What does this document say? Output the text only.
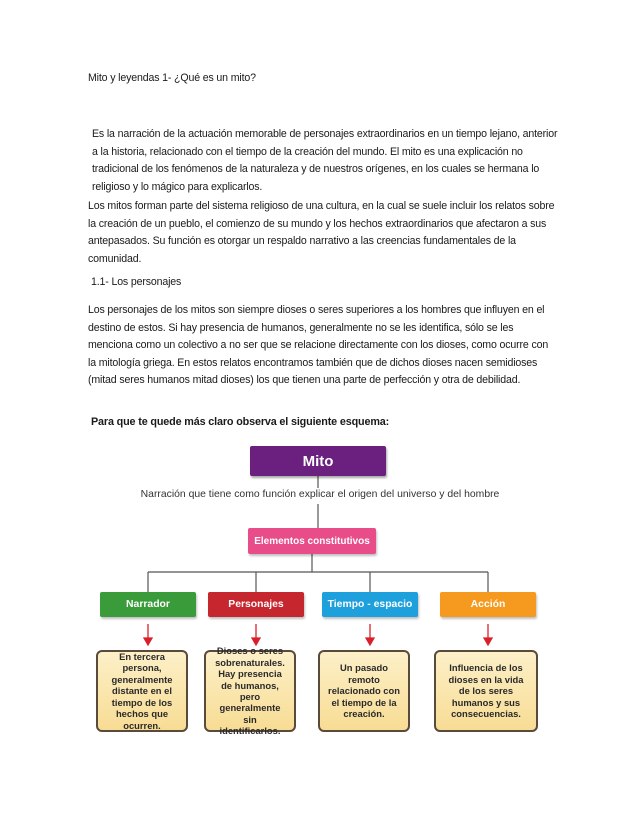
Mito y leyendas 1- ¿Qué es un mito?

Es la narración de la actuación memorable de personajes extraordinarios en un tiempo lejano, anterior a la historia, relacionado con el tiempo de la creación del mundo. El mito es una explicación no tradicional de los fenómenos de la naturaleza y de nuestros orígenes, en los cuales se hermana lo religioso y lo mágico para explicarlos.

Los mitos forman parte del sistema religioso de una cultura, en la cual se suele incluir los relatos sobre la creación de un pueblo, el comienzo de su mundo y los hechos extraordinarios que afectaron a sus antepasados. Su función es otorgar un respaldo narrativo a las creencias fundamentales de la comunidad.

1.1- Los personajes

Los personajes de los mitos son siempre dioses o seres superiores a los hombres que influyen en el destino de estos. Si hay presencia de humanos, generalmente no se les identifica, sólo se les menciona como un colectivo a no ser que se relacione directamente con los dioses, como ocurre con la mitología griega. En estos relatos encontramos también que de dichos dioses nacen semidioses (mitad seres humanos mitad dioses) los que tienen una parte de perfección y otra de debilidad.

Para que te quede más claro observa el siguiente esquema:

Mito
Narración que tiene como función explicar el origen del universo y del hombre
Elementos constitutivos
Narrador	Personajes	Tiempo - espacio	Acción
En tercera persona, generalmente distante en el tiempo de los hechos que ocurren.
Dioses o seres sobrenaturales. Hay presencia de humanos, pero generalmente sin identificarlos.
Un pasado remoto relacionado con el tiempo de la creación.
Influencia de los dioses en la vida de los seres humanos y sus consecuencias.
